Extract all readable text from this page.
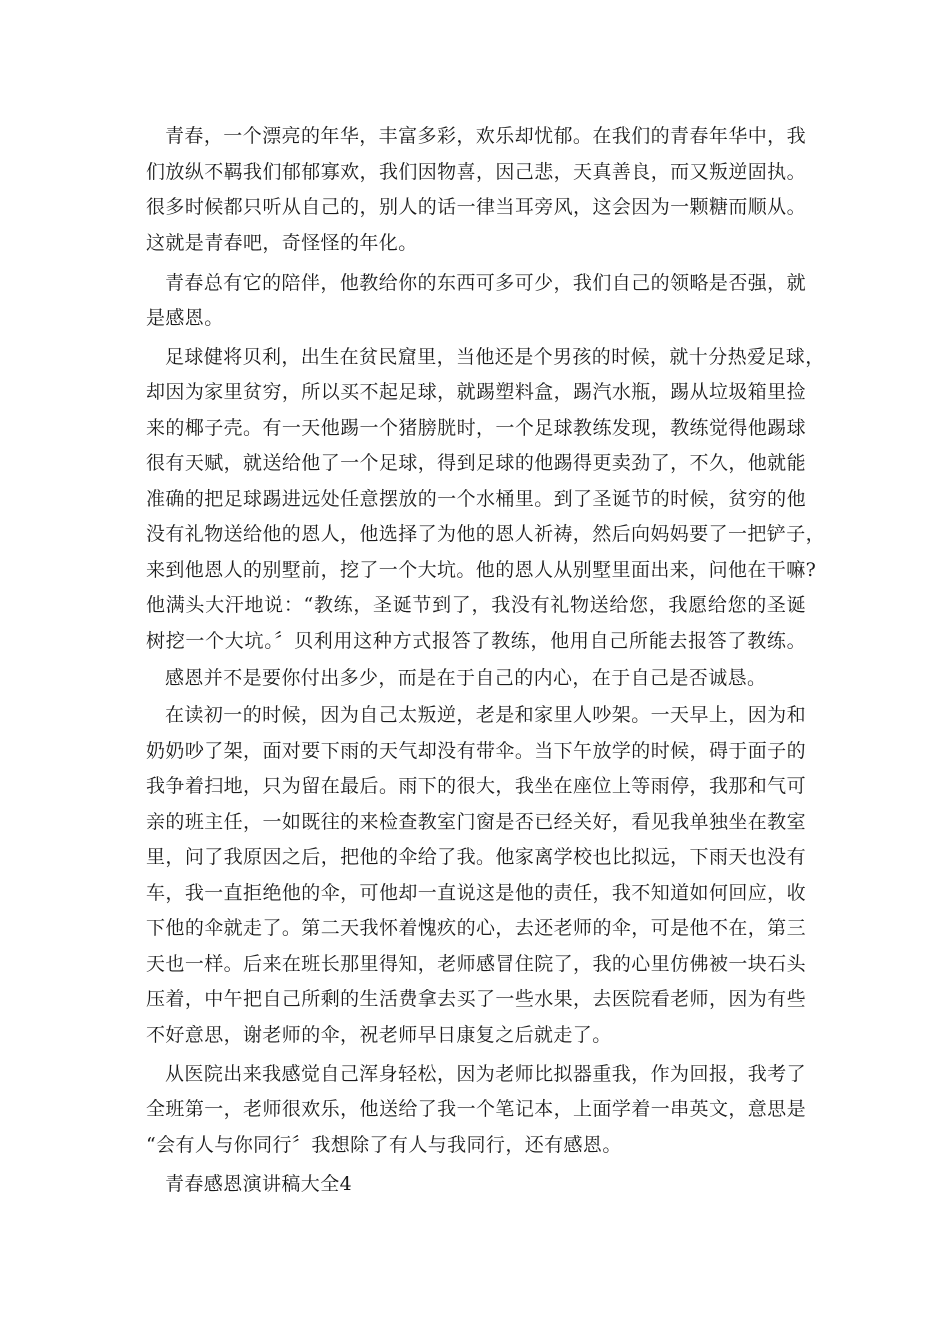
青春，一个漂亮的年华，丰富多彩，欢乐却忧郁。在我们的青春年华中，我
们放纵不羁我们郁郁寡欢，我们因物喜，因己悲，天真善良，而又叛逆固执。
很多时候都只听从自己的，别人的话一律当耳旁风，这会因为一颗糖而顺从。
这就是青春吧，奇怪怪的年化。
青春总有它的陪伴，他教给你的东西可多可少，我们自己的领略是否强，就
是感恩。
足球健将贝利，出生在贫民窟里，当他还是个男孩的时候，就十分热爱足球，
却因为家里贫穷，所以买不起足球，就踢塑料盒，踢汽水瓶，踢从垃圾箱里捡
来的椰子壳。有一天他踢一个猪膀胱时，一个足球教练发现，教练觉得他踢球
很有天赋，就送给他了一个足球，得到足球的他踢得更卖劲了，不久，他就能
准确的把足球踢进远处任意摆放的一个水桶里。到了圣诞节的时候，贫穷的他
没有礼物送给他的恩人，他选择了为他的恩人祈祷，然后向妈妈要了一把铲子，
来到他恩人的别墅前，挖了一个大坑。他的恩人从别墅里面出来，问他在干嘛?
他满头大汗地说：“教练，圣诞节到了，我没有礼物送给您，我愿给您的圣诞
树挖一个大坑。〞贝利用这种方式报答了教练，他用自己所能去报答了教练。
感恩并不是要你付出多少，而是在于自己的内心，在于自己是否诚恳。
在读初一的时候，因为自己太叛逆，老是和家里人吵架。一天早上，因为和
奶奶吵了架，面对要下雨的天气却没有带伞。当下午放学的时候，碍于面子的
我争着扫地，只为留在最后。雨下的很大，我坐在座位上等雨停，我那和气可
亲的班主任，一如既往的来检查教室门窗是否已经关好，看见我单独坐在教室
里，问了我原因之后，把他的伞给了我。他家离学校也比拟远，下雨天也没有
车，我一直拒绝他的伞，可他却一直说这是他的责任，我不知道如何回应，收
下他的伞就走了。第二天我怀着愧疚的心，去还老师的伞，可是他不在，第三
天也一样。后来在班长那里得知，老师感冒住院了，我的心里仿佛被一块石头
压着，中午把自己所剩的生活费拿去买了一些水果，去医院看老师，因为有些
不好意思，谢老师的伞，祝老师早日康复之后就走了。
从医院出来我感觉自己浑身轻松，因为老师比拟器重我，作为回报，我考了
全班第一，老师很欢乐，他送给了我一个笔记本，上面学着一串英文，意思是
“会有人与你同行〞我想除了有人与我同行，还有感恩。
青春感恩演讲稿大全4
